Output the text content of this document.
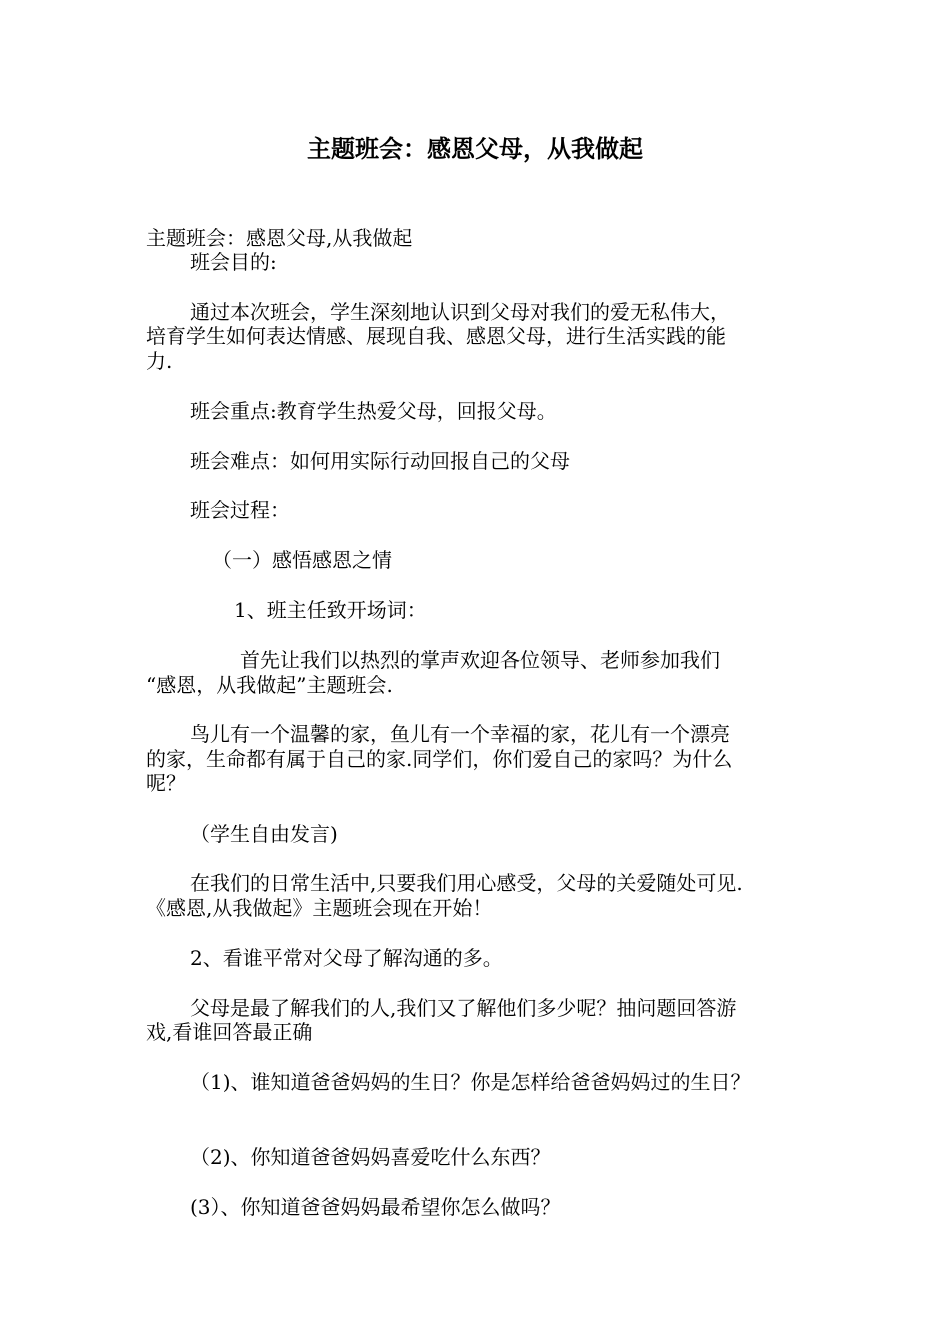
主题班会：感恩父母，从我做起
主题班会：感恩父母,从我做起
班会目的:
通过本次班会，学生深刻地认识到父母对我们的爱无私伟大，
培育学生如何表达情感、展现自我、感恩父母，进行生活实践的能
力.
班会重点:教育学生热爱父母，回报父母。
班会难点：如何用实际行动回报自己的父母
班会过程：
（一）感悟感恩之情
1、班主任致开场词：
首先让我们以热烈的掌声欢迎各位领导、老师参加我们
“感恩，从我做起”主题班会.
鸟儿有一个温馨的家，鱼儿有一个幸福的家，花儿有一个漂亮
的家，生命都有属于自己的家.同学们，你们爱自己的家吗？为什么
呢？
（学生自由发言)
在我们的日常生活中,只要我们用心感受，父母的关爱随处可见.
《感恩,从我做起》主题班会现在开始！
2、看谁平常对父母了解沟通的多。
父母是最了解我们的人,我们又了解他们多少呢？抽问题回答游
戏,看谁回答最正确
（1)、谁知道爸爸妈妈的生日？你是怎样给爸爸妈妈过的生日？
（2)、你知道爸爸妈妈喜爱吃什么东西？
(3）、你知道爸爸妈妈最希望你怎么做吗？
